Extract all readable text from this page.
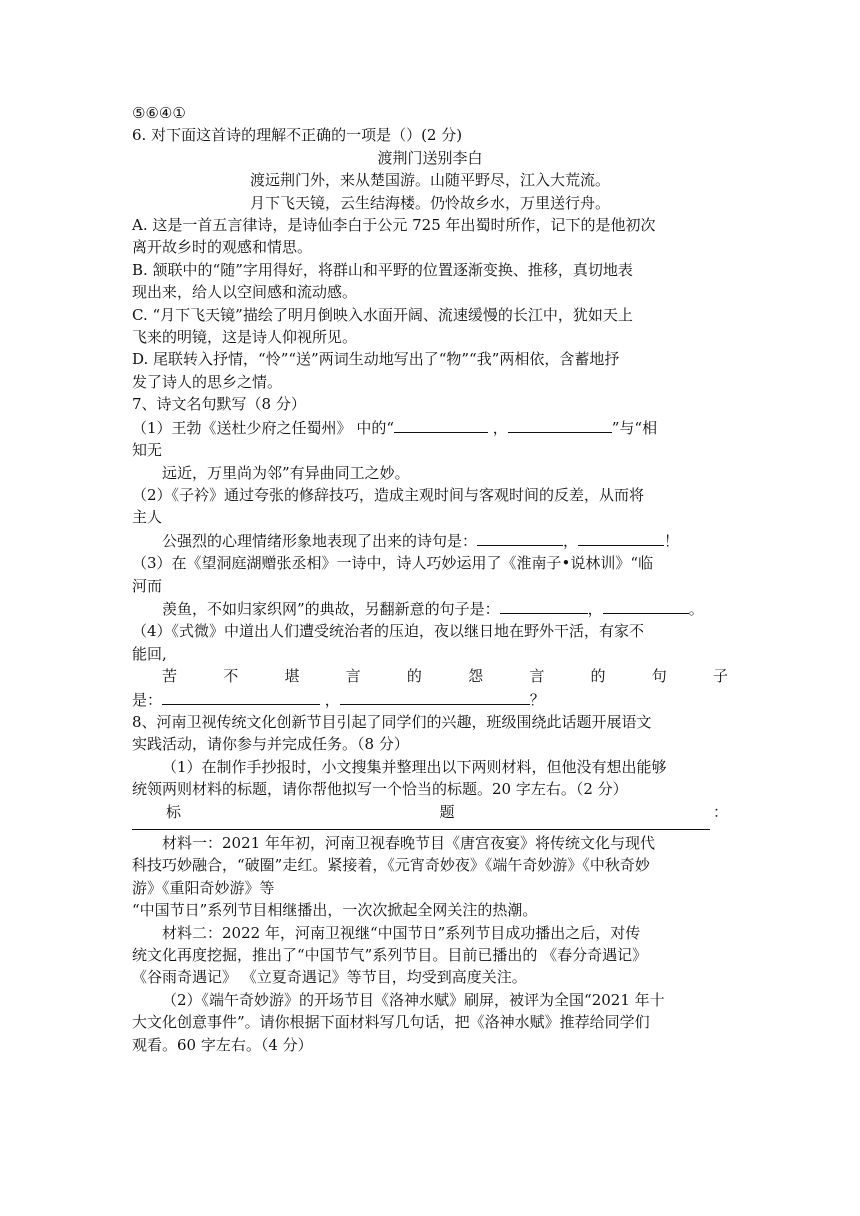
⑤⑥④①

6. 对下面这首诗的理解不正确的一项是（）(2 分)

渡荆门送别李白

渡远荆门外，来从楚国游。山随平野尽，江入大荒流。

月下飞天镜，云生结海楼。仍怜故乡水，万里送行舟。

A. 这是一首五言律诗，是诗仙李白于公元 725 年出蜀时所作，记下的是他初次

离开故乡时的观感和情思。

B. 颔联中的“随”字用得好，将群山和平野的位置逐渐变换、推移，真切地表

现出来，给人以空间感和流动感。

C. “月下飞天镜”描绘了明月倒映入水面开阔、流速缓慢的长江中，犹如天上

飞来的明镜，这是诗人仰视所见。

D. 尾联转入抒情，“怜”“送”两词生动地写出了“物”“我”两相依，含蓄地抒

发了诗人的思乡之情。

7、诗文名句默写（8 分）

（1）王勃《送杜少府之任蜀州》 中的“	，	”与“相

知无

远近，万里尚为邻”有异曲同工之妙。

（2）《子衿》通过夸张的修辞技巧，造成主观时间与客观时间的反差，从而将

主人

公强烈的心理情绪形象地表现了出来的诗句是：	，	！

（3）在《望洞庭湖赠张丞相》一诗中，诗人巧妙运用了《淮南子•说林训》“临

河而

羡鱼，不如归家织网”的典故，另翻新意的句子是：	，	。

（4）《式微》中道出人们遭受统治者的压迫，夜以继日地在野外干活，有家不

能回,

苦	不	堪	言	的	怨	言	的	句	子

是：	，	？

8、河南卫视传统文化创新节目引起了同学们的兴趣，班级围绕此话题开展语文

实践活动，请你参与并完成任务。（8 分）

（1）在制作手抄报时，小文搜集并整理出以下两则材料，但他没有想出能够

统领两则材料的标题，请你帮他拟写一个恰当的标题。20 字左右。（2 分）

标	题	：

材料一：2021 年年初，河南卫视春晚节目《唐宫夜宴》将传统文化与现代

科技巧妙融合，“破圈”走红。紧接着，《元宵奇妙夜》《端午奇妙游》《中秋奇妙

游》《重阳奇妙游》等

“中国节日”系列节目相继播出，一次次掀起全网关注的热潮。

材料二：2022 年，河南卫视继“中国节日”系列节目成功播出之后，对传

统文化再度挖掘，推出了“中国节气”系列节目。目前已播出的 《春分奇遇记》

《谷雨奇遇记》 《立夏奇遇记》等节目，均受到高度关注。

（2）《端午奇妙游》的开场节目《洛神水赋》刷屏，被评为全国“2021 年十

大文化创意事件”。请你根据下面材料写几句话，把《洛神水赋》推荐给同学们

观看。60 字左右。（4 分）
